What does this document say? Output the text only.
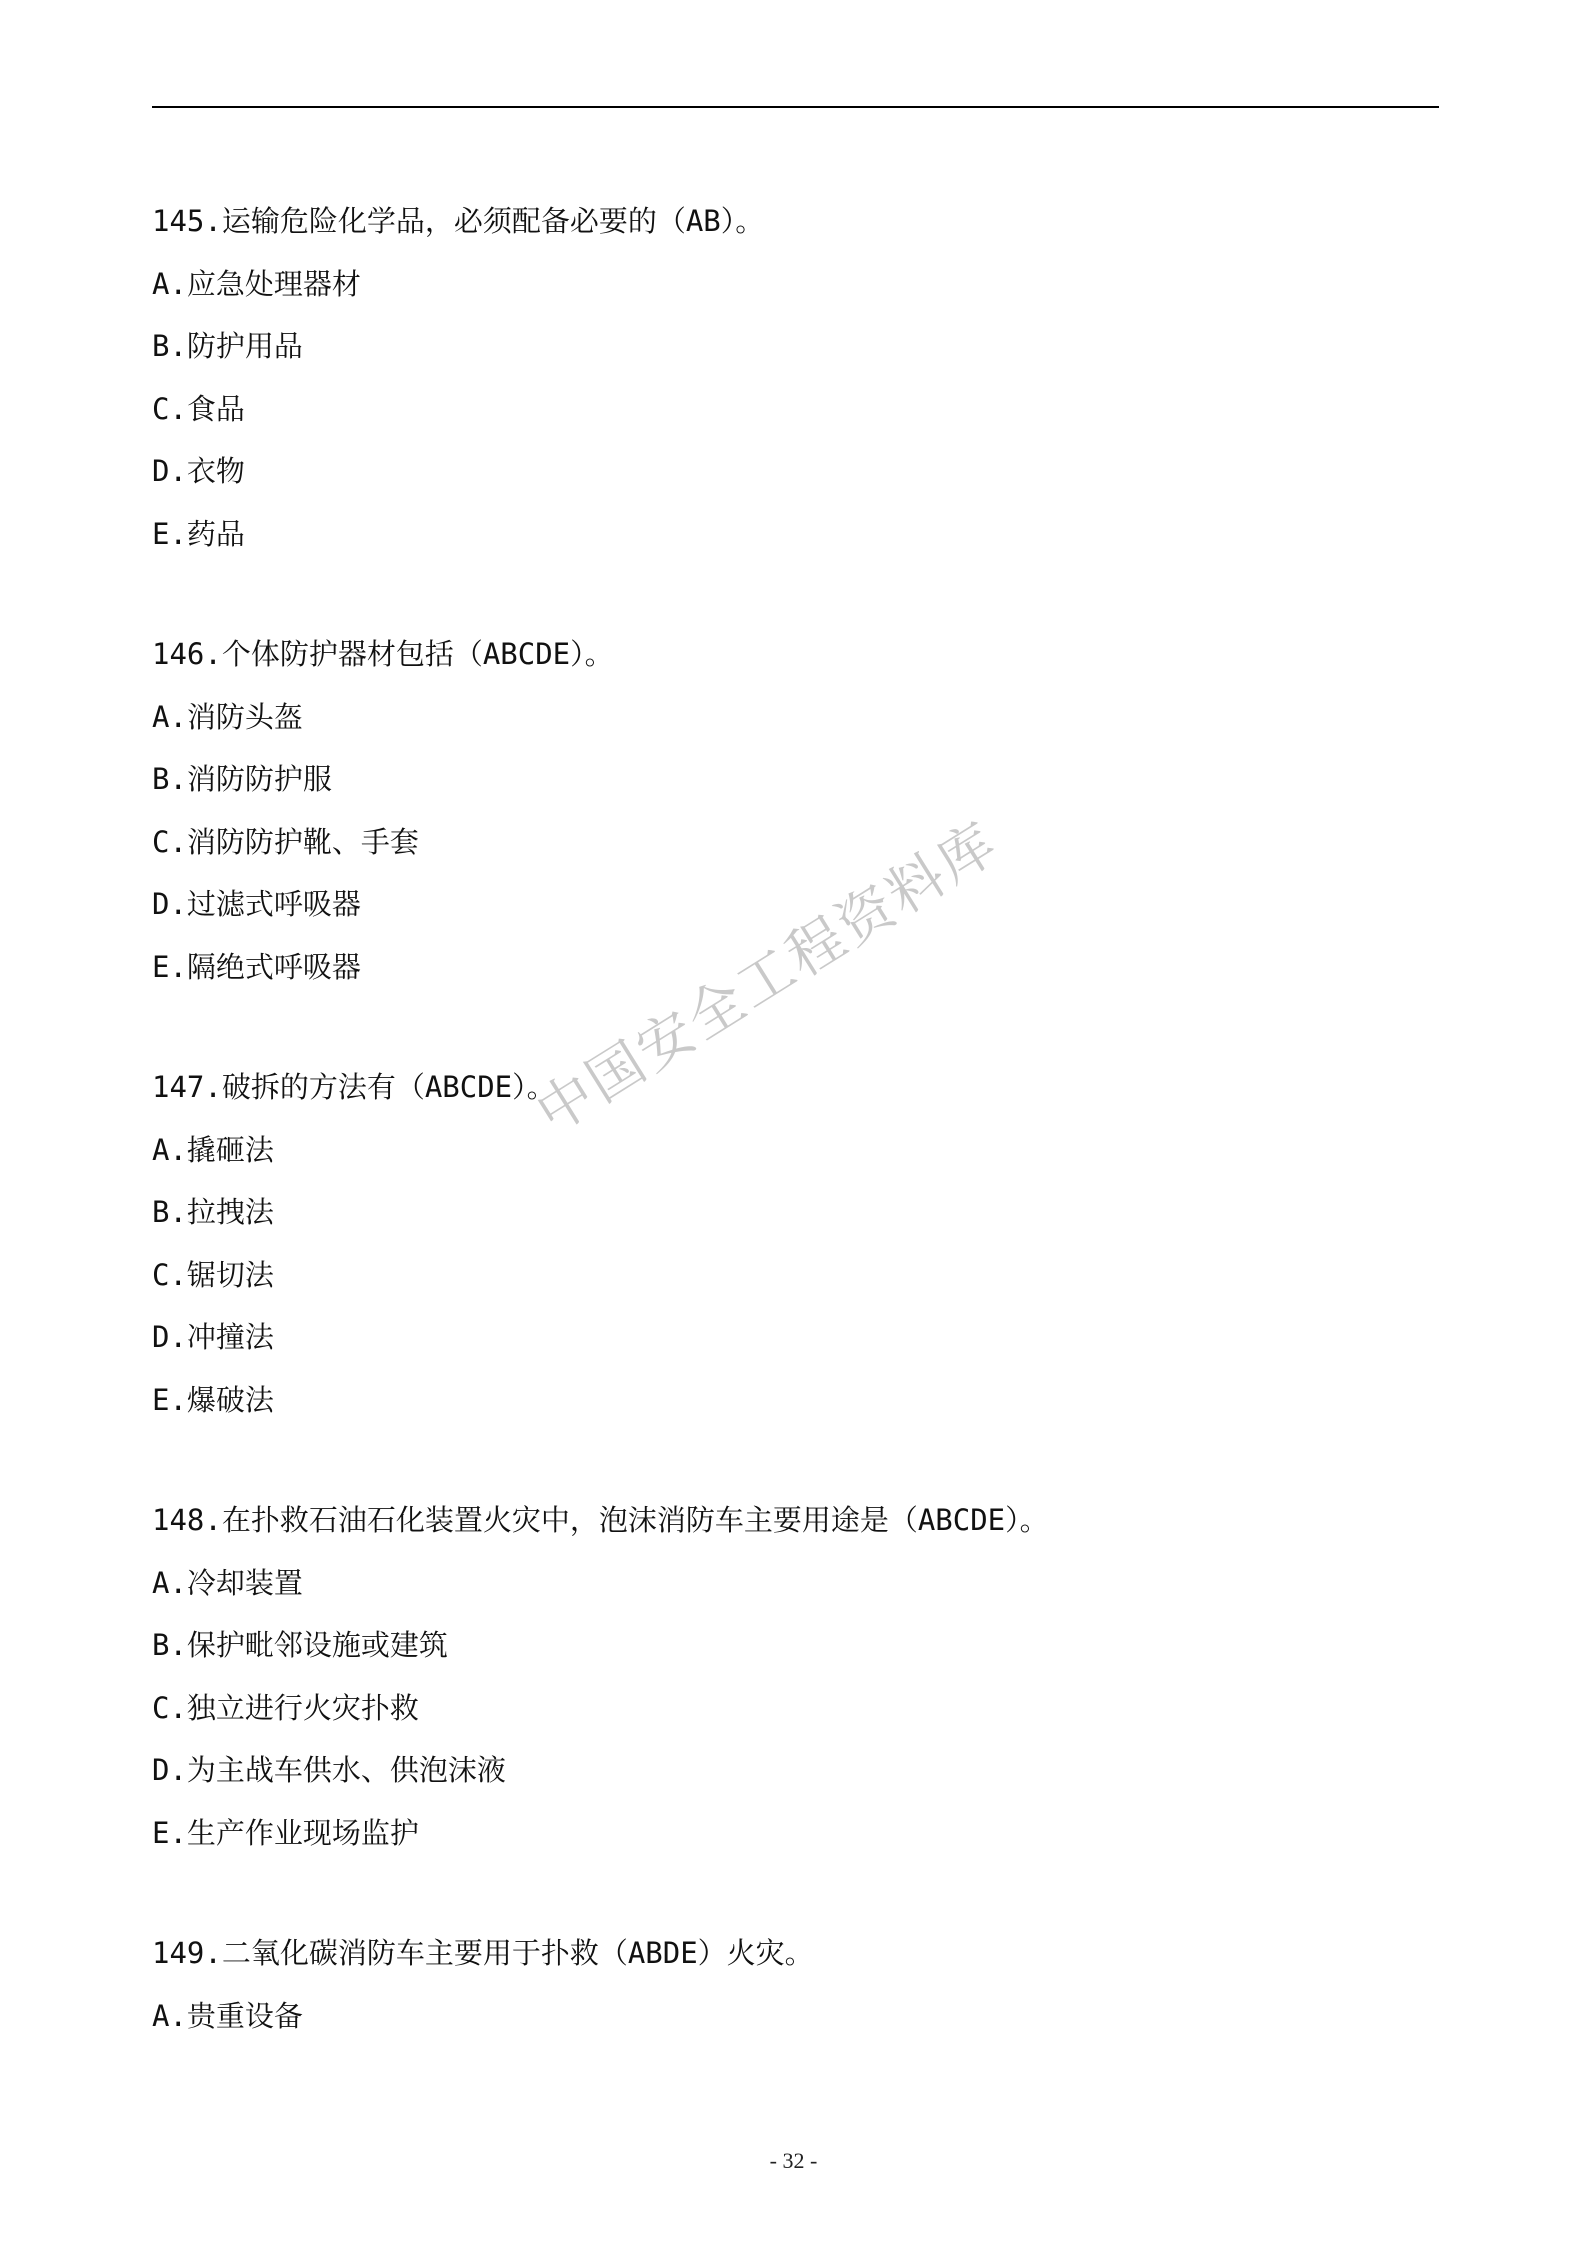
145.运输危险化学品，必须配备必要的（AB）。
A.应急处理器材
B.防护用品
C.食品
D.衣物
E.药品
146.个体防护器材包括（ABCDE）。
A.消防头盔
B.消防防护服
C.消防防护靴、手套
D.过滤式呼吸器
E.隔绝式呼吸器
147.破拆的方法有（ABCDE）。
A.撬砸法
B.拉拽法
C.锯切法
D.冲撞法
E.爆破法
148.在扑救石油石化装置火灾中，泡沫消防车主要用途是（ABCDE）。
A.冷却装置
B.保护毗邻设施或建筑
C.独立进行火灾扑救
D.为主战车供水、供泡沫液
E.生产作业现场监护
149.二氧化碳消防车主要用于扑救（ABDE）火灾。
A.贵重设备
中国安全工程资料库
- 32 -
